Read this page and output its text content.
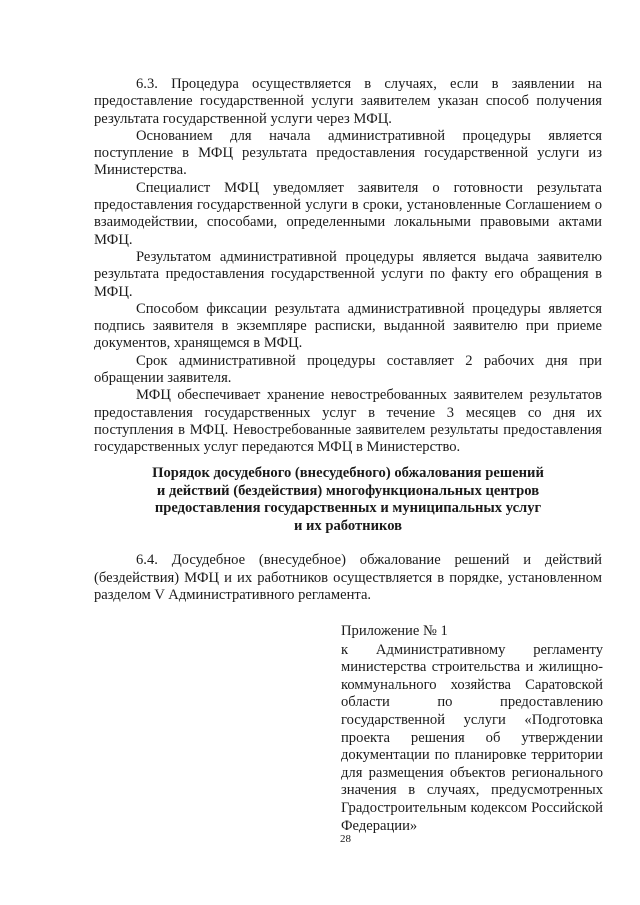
6.3. Процедура осуществляется в случаях, если в заявлении на предоставление государственной услуги заявителем указан способ получения результата государственной услуги через МФЦ.

Основанием для начала административной процедуры является поступление в МФЦ результата предоставления государственной услуги из Министерства.

Специалист МФЦ уведомляет заявителя о готовности результата предоставления государственной услуги в сроки, установленные Соглашением о взаимодействии, способами, определенными локальными правовыми актами МФЦ.

Результатом административной процедуры является выдача заявителю результата предоставления государственной услуги по факту его обращения в МФЦ.

Способом фиксации результата административной процедуры является подпись заявителя в экземпляре расписки, выданной заявителю при приеме документов, хранящемся в МФЦ.

Срок административной процедуры составляет 2 рабочих дня при обращении заявителя.

МФЦ обеспечивает хранение невостребованных заявителем результатов предоставления государственных услуг в течение 3 месяцев со дня их поступления в МФЦ. Невостребованные заявителем результаты предоставления государственных услуг передаются МФЦ в Министерство.

Порядок досудебного (внесудебного) обжалования решений
и действий (бездействия) многофункциональных центров
предоставления государственных и муниципальных услуг
и их работников

6.4. Досудебное (внесудебное) обжалование решений и действий (бездействия) МФЦ и их работников осуществляется в порядке, установленном разделом V Административного регламента.

Приложение № 1

к Административному регламенту министерства строительства и жилищно-коммунального хозяйства Саратовской области по предоставлению государственной услуги «Подготовка проекта решения об утверждении документации по планировке территории для размещения объектов регионального значения в случаях, предусмотренных Градостроительным кодексом Российской Федерации»

28
